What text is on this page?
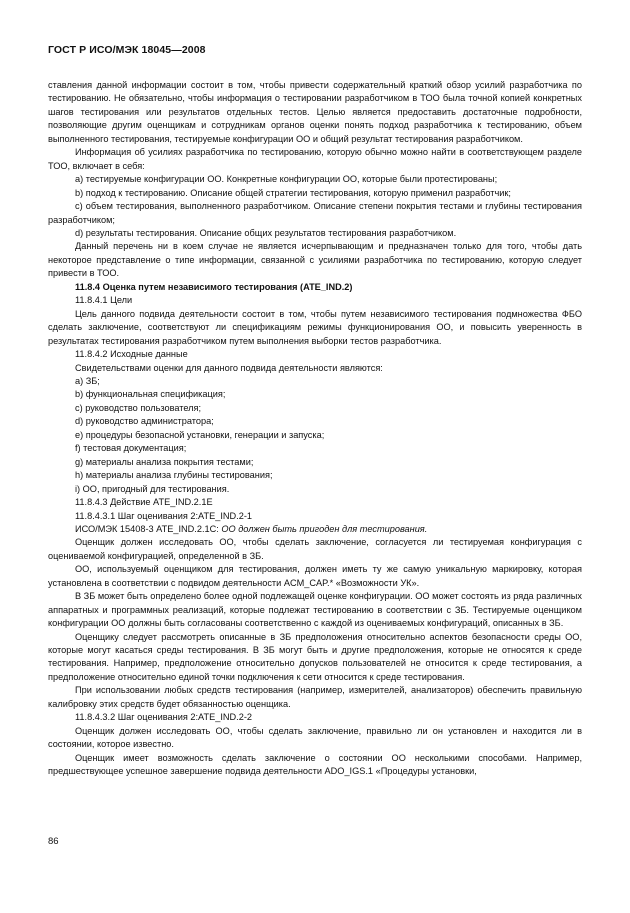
ГОСТ Р ИСО/МЭК 18045—2008

ставления данной информации состоит в том, чтобы привести содержательный краткий обзор усилий разработчика по тестированию. Не обязательно, чтобы информация о тестировании разработчиком в ТОО была точной копией конкретных шагов тестирования или результатов отдельных тестов. Целью является предоставить достаточные подробности, позволяющие другим оценщикам и сотрудникам органов оценки понять подход разработчика к тестированию, объем выполненного тестирования, тестируемые конфигурации ОО и общий результат тестирования разработчиком.

Информация об усилиях разработчика по тестированию, которую обычно можно найти в соответствующем разделе ТОО, включает в себя:

a) тестируемые конфигурации ОО. Конкретные конфигурации ОО, которые были протестированы;

b) подход к тестированию. Описание общей стратегии тестирования, которую применил разработчик;

c) объем тестирования, выполненного разработчиком. Описание степени покрытия тестами и глубины тестирования разработчиком;

d) результаты тестирования. Описание общих результатов тестирования разработчиком.

Данный перечень ни в коем случае не является исчерпывающим и предназначен только для того, чтобы дать некоторое представление о типе информации, связанной с усилиями разработчика по тестированию, которую следует привести в ТОО.

11.8.4 Оценка путем независимого тестирования (ATE_IND.2)

11.8.4.1 Цели

Цель данного подвида деятельности состоит в том, чтобы путем независимого тестирования подмножества ФБО сделать заключение, соответствуют ли спецификациям режимы функционирования ОО, и повысить уверенность в результатах тестирования разработчиком путем выполнения выборки тестов разработчика.

11.8.4.2 Исходные данные

Свидетельствами оценки для данного подвида деятельности являются:

a) ЗБ;

b) функциональная спецификация;

c) руководство пользователя;

d) руководство администратора;

e) процедуры безопасной установки, генерации и запуска;

f) тестовая документация;

g) материалы анализа покрытия тестами;

h) материалы анализа глубины тестирования;

i) ОО, пригодный для тестирования.

11.8.4.3 Действие ATE_IND.2.1E

11.8.4.3.1 Шаг оценивания 2:ATE_IND.2-1

ИСО/МЭК 15408-3 ATE_IND.2.1C: ОО должен быть пригоден для тестирования.

Оценщик должен исследовать ОО, чтобы сделать заключение, согласуется ли тестируемая конфигурация с оцениваемой конфигурацией, определенной в ЗБ.

ОО, используемый оценщиком для тестирования, должен иметь ту же самую уникальную маркировку, которая установлена в соответствии с подвидом деятельности ACM_CAP.* «Возможности УК».

В ЗБ может быть определено более одной подлежащей оценке конфигурации. ОО может состоять из ряда различных аппаратных и программных реализаций, которые подлежат тестированию в соответствии с ЗБ. Тестируемые оценщиком конфигурации ОО должны быть согласованы соответственно с каждой из оцениваемых конфигураций, описанных в ЗБ.

Оценщику следует рассмотреть описанные в ЗБ предположения относительно аспектов безопасности среды ОО, которые могут касаться среды тестирования. В ЗБ могут быть и другие предположения, которые не относятся к среде тестирования. Например, предположение относительно допусков пользователей не относится к среде тестирования, а предположение относительно единой точки подключения к сети относится к среде тестирования.

При использовании любых средств тестирования (например, измерителей, анализаторов) обеспечить правильную калибровку этих средств будет обязанностью оценщика.

11.8.4.3.2 Шаг оценивания 2:ATE_IND.2-2

Оценщик должен исследовать ОО, чтобы сделать заключение, правильно ли он установлен и находится ли в состоянии, которое известно.

Оценщик имеет возможность сделать заключение о состоянии ОО несколькими способами. Например, предшествующее успешное завершение подвида деятельности ADO_IGS.1 «Процедуры установки,

86
